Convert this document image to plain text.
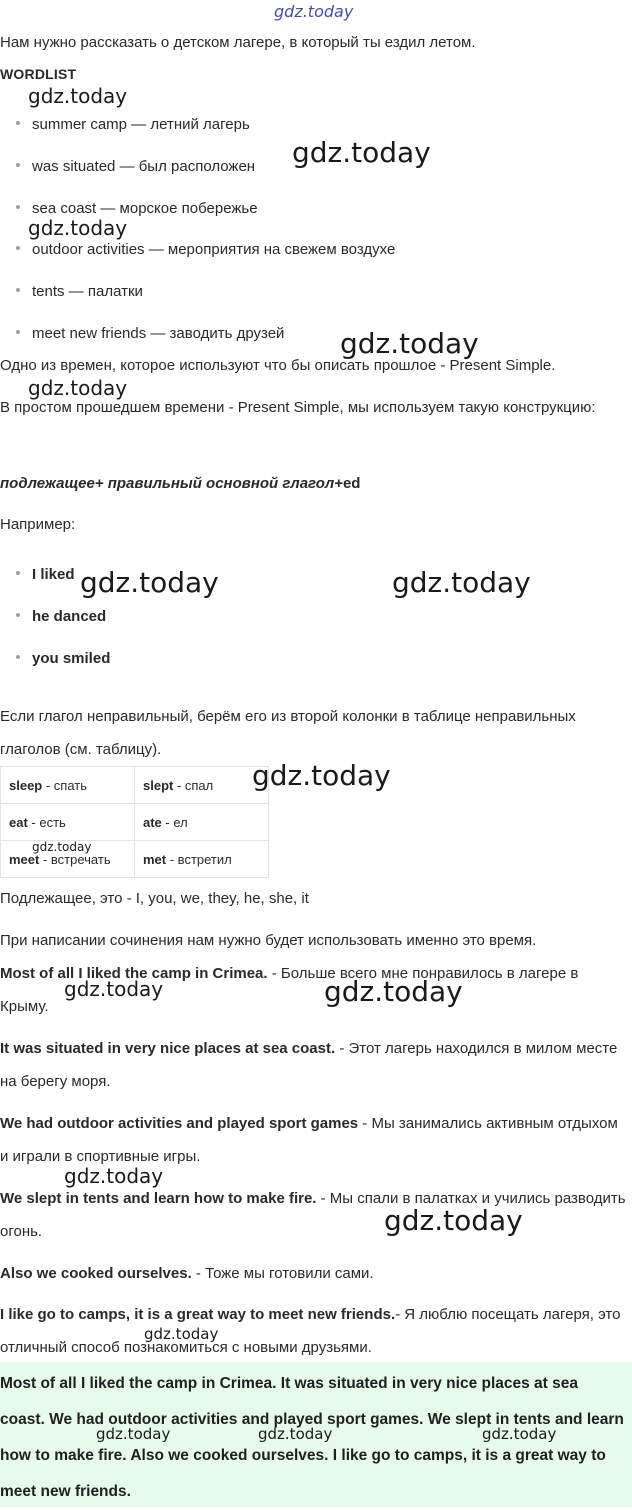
gdz.today
Нам нужно рассказать о детском лагере, в который ты ездил летом.
WORDLIST
summer camp — летний лагерь
was situated — был расположен
sea coast — морское побережье
outdoor activities — мероприятия на свежем воздухе
tents — палатки
meet new friends — заводить друзей
Одно из времен, которое используют что бы описать прошлое - Present Simple.
В простом прошедшем времени - Present Simple, мы используем такую конструкцию:
подлежащее+ правильный основной глагол+ed
Например:
I liked
he danced
you smiled
Если глагол неправильный, берём его из второй колонки в таблице неправильных глаголов (см. таблицу).
sleep - спать	slept - спал
eat - есть	ate - ел
meet - встречать	met - встретил
Подлежащее, это - I, you, we, they, he, she, it
При написании сочинения нам нужно будет использовать именно это время.
Most of all I liked the camp in Crimea. - Больше всего мне понравилось в лагере в Крыму.
It was situated in very nice places at sea coast. - Этот лагерь находился в милом месте на берегу моря.
We had outdoor activities and played sport games - Мы занимались активным отдыхом и играли в спортивные игры.
We slept in tents and learn how to make fire. - Мы спали в палатках и учились разводить огонь.
Also we cooked ourselves. - Тоже мы готовили сами.
I like go to camps, it is a great way to meet new friends.- Я люблю посещать лагеря, это отличный способ познакомиться с новыми друзьями.

Most of all I liked the camp in Crimea. It was situated in very nice places at sea coast. We had outdoor activities and played sport games. We slept in tents and learn how to make fire. Also we cooked ourselves. I like go to camps, it is a great way to meet new friends.

gdz.today
gdz.today
gdz.today
gdz.today
gdz.today
gdz.today	gdz.today
gdz.today
gdz.today
gdz.today	gdz.today
gdz.today
gdz.today
gdz.today
gdz.today	gdz.today	gdz.today
